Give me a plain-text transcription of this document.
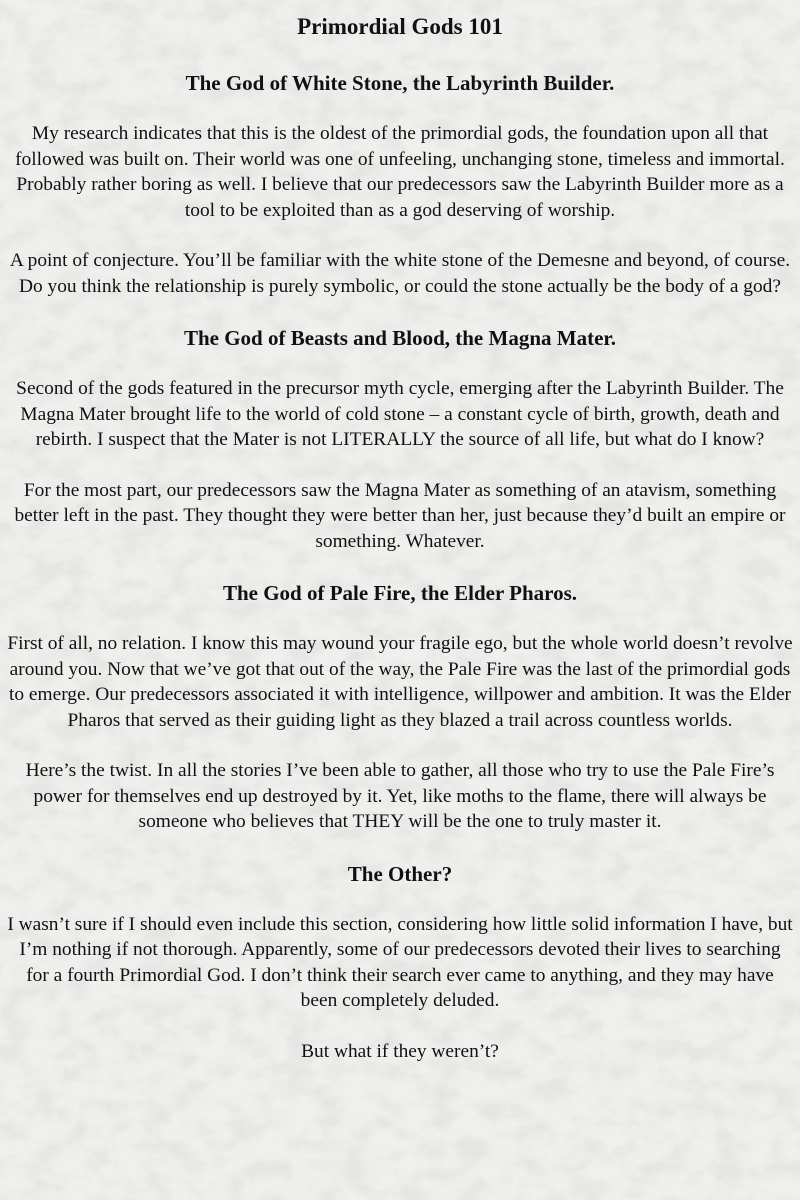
Primordial Gods 101
The God of White Stone, the Labyrinth Builder.

My research indicates that this is the oldest of the primordial gods, the foundation upon all that followed was built on. Their world was one of unfeeling, unchanging stone, timeless and immortal. Probably rather boring as well. I believe that our predecessors saw the Labyrinth Builder more as a tool to be exploited than as a god deserving of worship.

A point of conjecture. You’ll be familiar with the white stone of the Demesne and beyond, of course. Do you think the relationship is purely symbolic, or could the stone actually be the body of a god?

The God of Beasts and Blood, the Magna Mater.

Second of the gods featured in the precursor myth cycle, emerging after the Labyrinth Builder. The Magna Mater brought life to the world of cold stone – a constant cycle of birth, growth, death and rebirth. I suspect that the Mater is not LITERALLY the source of all life, but what do I know?

For the most part, our predecessors saw the Magna Mater as something of an atavism, something better left in the past. They thought they were better than her, just because they’d built an empire or something. Whatever.

The God of Pale Fire, the Elder Pharos.

First of all, no relation. I know this may wound your fragile ego, but the whole world doesn’t revolve around you. Now that we’ve got that out of the way, the Pale Fire was the last of the primordial gods to emerge. Our predecessors associated it with intelligence, willpower and ambition. It was the Elder Pharos that served as their guiding light as they blazed a trail across countless worlds.

Here’s the twist. In all the stories I’ve been able to gather, all those who try to use the Pale Fire’s power for themselves end up destroyed by it. Yet, like moths to the flame, there will always be someone who believes that THEY will be the one to truly master it.

The Other?

I wasn’t sure if I should even include this section, considering how little solid information I have, but I’m nothing if not thorough. Apparently, some of our predecessors devoted their lives to searching for a fourth Primordial God. I don’t think their search ever came to anything, and they may have been completely deluded.

But what if they weren’t?
